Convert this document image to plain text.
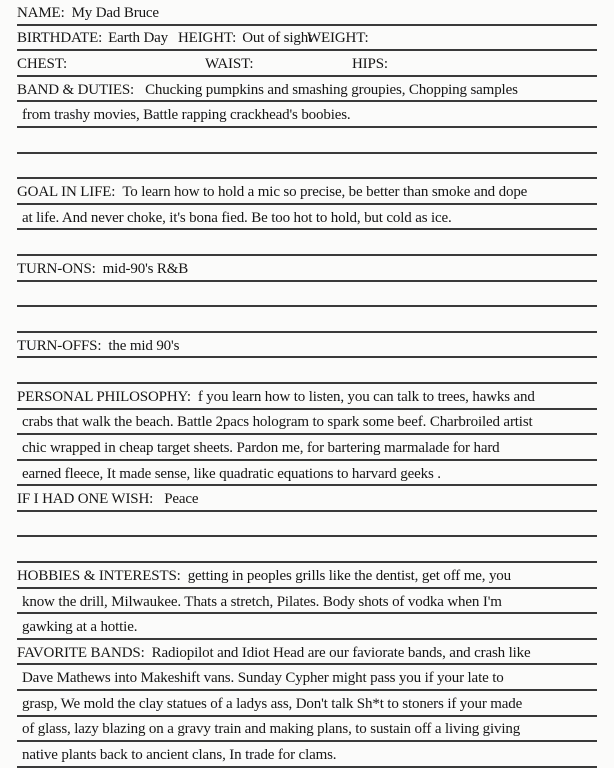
NAME: My Dad Bruce
BIRTHDATE: Earth Day HEIGHT: Out of sight
WEIGHT:
CHEST:	WAIST:	HIPS:
BAND & DUTIES: Chucking pumpkins and smashing groupies, Chopping samples
from trashy movies, Battle rapping crackhead's boobies.
GOAL IN LIFE: To learn how to hold a mic so precise, be better than smoke and dope
at life. And never choke, it's bona fied. Be too hot to hold, but cold as ice.
TURN-ONS: mid-90's R&B
TURN-OFFS: the mid 90's
PERSONAL PHILOSOPHY: f you learn how to listen, you can talk to trees, hawks and
crabs that walk the beach. Battle 2pacs hologram to spark some beef. Charbroiled artist
chic wrapped in cheap target sheets. Pardon me, for bartering marmalade for hard
earned fleece, It made sense, like quadratic equations to harvard geeks .
IF I HAD ONE WISH: Peace
HOBBIES & INTERESTS: getting in peoples grills like the dentist, get off me, you
know the drill, Milwaukee. Thats a stretch, Pilates. Body shots of vodka when I'm
gawking at a hottie.
FAVORITE BANDS: Radiopilot and Idiot Head are our faviorate bands, and crash like
Dave Mathews into Makeshift vans. Sunday Cypher might pass you if your late to
grasp, We mold the clay statues of a ladys ass, Don't talk Sh*t to stoners if your made
of glass, lazy blazing on a gravy train and making plans, to sustain off a living giving
native plants back to ancient clans, In trade for clams.
